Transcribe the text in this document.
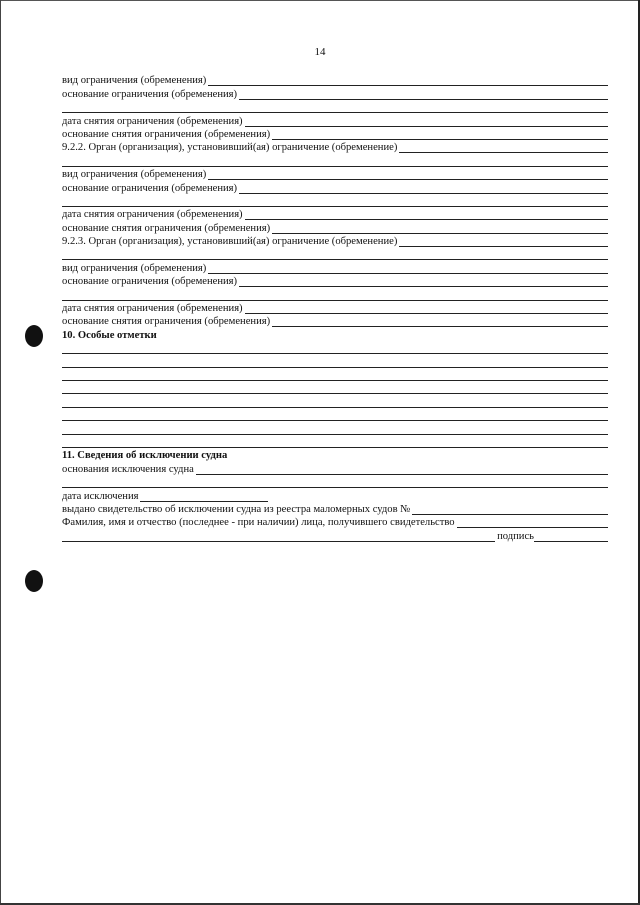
14
вид ограничения (обременения)
основание ограничения (обременения)
дата снятия ограничения (обременения)
основание снятия ограничения (обременения)
9.2.2. Орган (организация), установивший(ая) ограничение (обременение)
вид ограничения (обременения)
основание ограничения (обременения)
дата снятия ограничения (обременения)
основание снятия ограничения (обременения)
9.2.3. Орган (организация), установивший(ая) ограничение (обременение)
вид ограничения (обременения)
основание ограничения (обременения)
дата снятия ограничения (обременения)
основание снятия ограничения (обременения)
10. Особые отметки
11. Сведения об исключении судна
основания исключения судна
дата исключения
выдано свидетельство об исключении судна из реестра маломерных судов №
Фамилия, имя и отчество (последнее - при наличии) лица, получившего свидетельство
подпись
